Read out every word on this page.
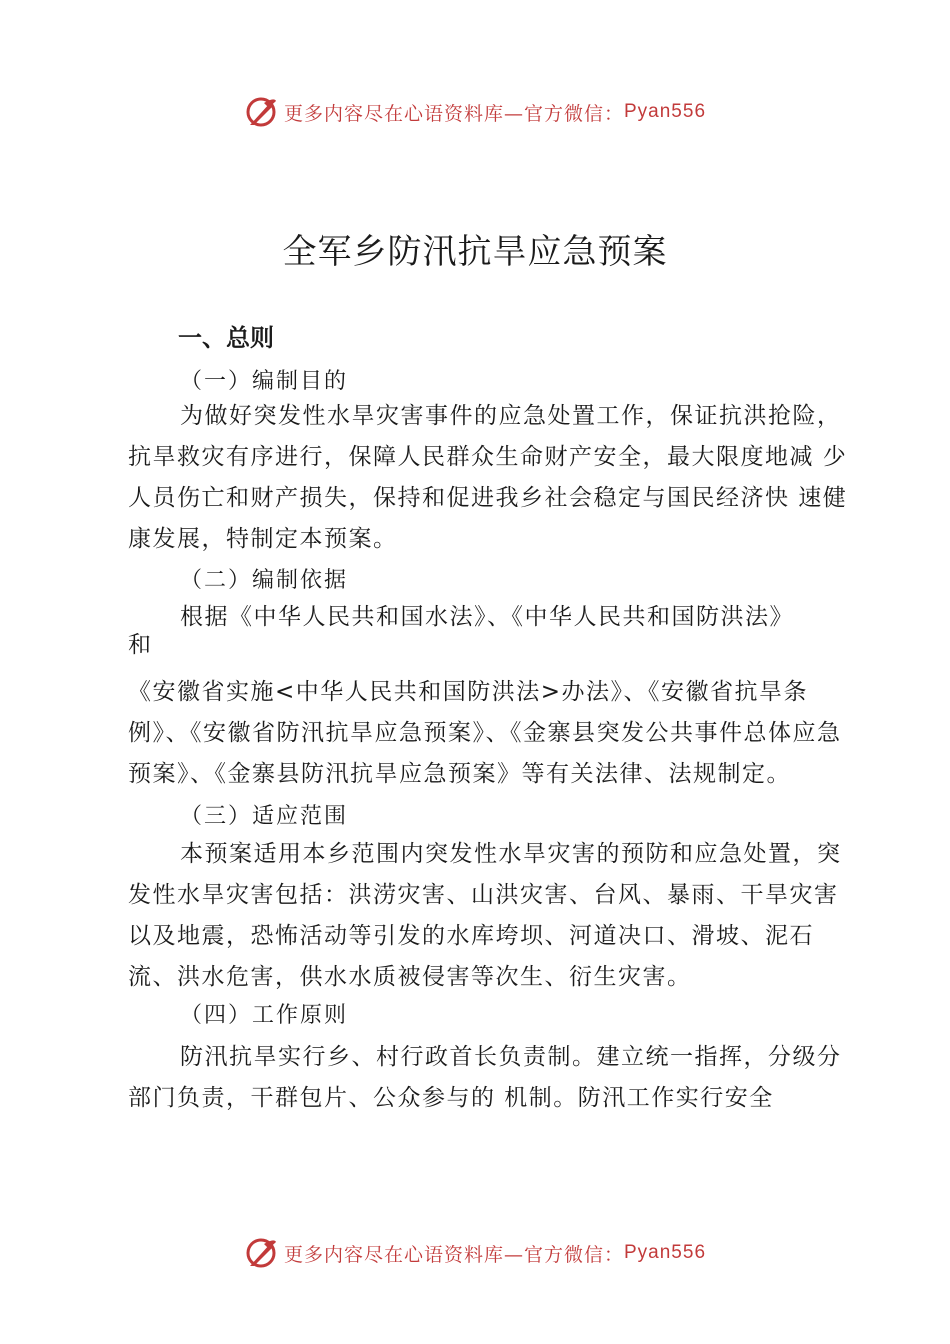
更多内容尽在心语资料库—官方微信： Pyan556
全军乡防汛抗旱应急预案
一、总则
（一）编制目的

为做好突发性水旱灾害事件的应急处置工作，保证抗洪抢险，抗旱救灾有序进行，保障人民群众生命财产安全，最大限度地减 少人员伤亡和财产损失，保持和促进我乡社会稳定与国民经济快 速健康发展，特制定本预案。

（二）编制依据

根据《中华人民共和国水法》、《中华人民共和国防洪法》和

《安徽省实施<中华人民共和国防洪法>办法》、《安徽省抗旱条例》、《安徽省防汛抗旱应急预案》、《金寨县突发公共事件总体应急预案》、《金寨县防汛抗旱应急预案》等有关法律、法规制定。

（三）适应范围

本预案适用本乡范围内突发性水旱灾害的预防和应急处置，突发性水旱灾害包括：洪涝灾害、山洪灾害、台风、暴雨、干旱灾害以及地震，恐怖活动等引发的水库垮坝、河道决口、滑坡、泥石流、洪水危害，供水水质被侵害等次生、衍生灾害。

（四）工作原则

防汛抗旱实行乡、村行政首长负责制。建立统一指挥，分级分部门负责，干群包片、公众参与的 机制。防汛工作实行安全

更多内容尽在心语资料库—官方微信： Pyan556
